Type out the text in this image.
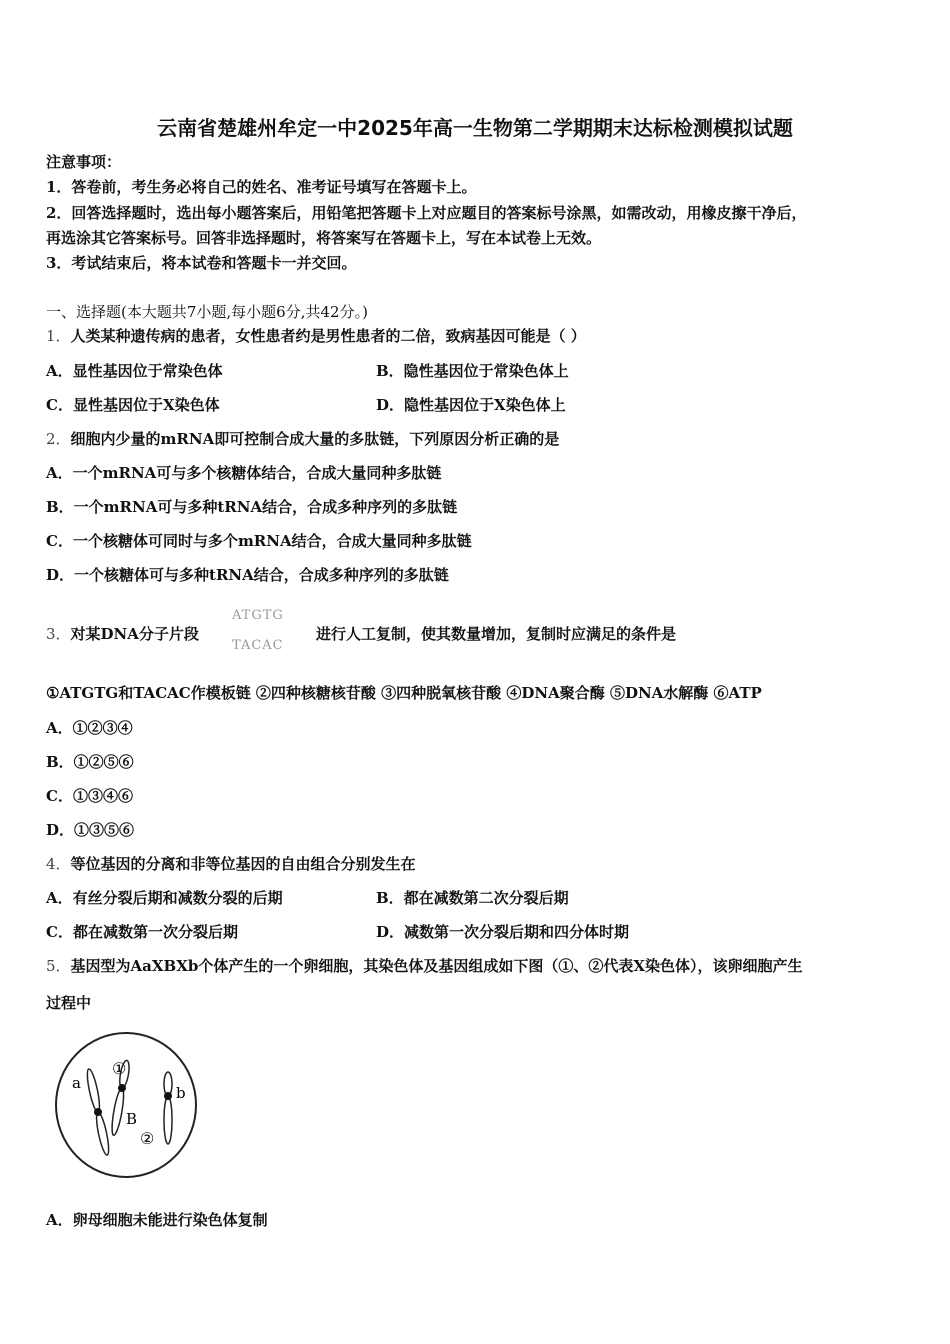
云南省楚雄州牟定一中2025年高一生物第二学期期末达标检测模拟试题
注意事项：
1．答卷前，考生务必将自己的姓名、准考证号填写在答题卡上。
2．回答选择题时，选出每小题答案后，用铅笔把答题卡上对应题目的答案标号涂黑，如需改动，用橡皮擦干净后，
再选涂其它答案标号。回答非选择题时，将答案写在答题卡上，写在本试卷上无效。
3．考试结束后，将本试卷和答题卡一并交回。
一、选择题(本大题共7小题,每小题6分,共42分。)
1．人类某种遗传病的患者，女性患者约是男性患者的二倍，致病基因可能是（ ）
A．显性基因位于常染色体	B．隐性基因位于常染色体上
C．显性基因位于X染色体	D．隐性基因位于X染色体上
2．细胞内少量的mRNA即可控制合成大量的多肽链，下列原因分析正确的是
A．一个mRNA可与多个核糖体结合，合成大量同种多肽链
B．一个mRNA可与多种tRNA结合，合成多种序列的多肽链
C．一个核糖体可同时与多个mRNA结合，合成大量同种多肽链
D．一个核糖体可与多种tRNA结合，合成多种序列的多肽链
3．对某DNA分子片段
ATGTG
TACAC
进行人工复制，使其数量增加，复制时应满足的条件是
①ATGTG和TACAC作模板链 ②四种核糖核苷酸 ③四种脱氧核苷酸 ④DNA聚合酶 ⑤DNA水解酶 ⑥ATP
A．①②③④
B．①②⑤⑥
C．①③④⑥
D．①③⑤⑥
4．等位基因的分离和非等位基因的自由组合分别发生在
A．有丝分裂后期和减数分裂的后期	B．都在减数第二次分裂后期
C．都在减数第一次分裂后期	D．减数第一次分裂后期和四分体时期
5．基因型为AaXBXb个体产生的一个卵细胞，其染色体及基因组成如下图（①、②代表X染色体），该卵细胞产生
过程中
a
①
B
b
②
A．卵母细胞未能进行染色体复制
